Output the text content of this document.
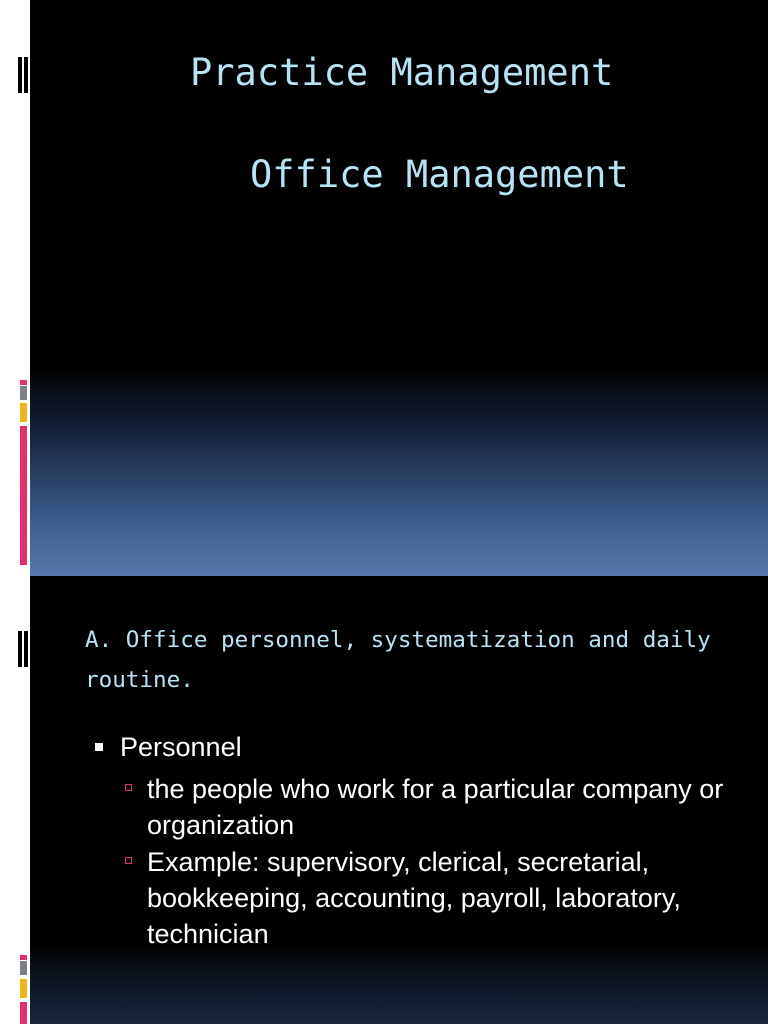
Practice Management
Office Management
A. Office personnel, systematization and daily routine.
Personnel
the people who work for a particular company or organization
Example: supervisory, clerical, secretarial, bookkeeping, accounting, payroll, laboratory, technician
